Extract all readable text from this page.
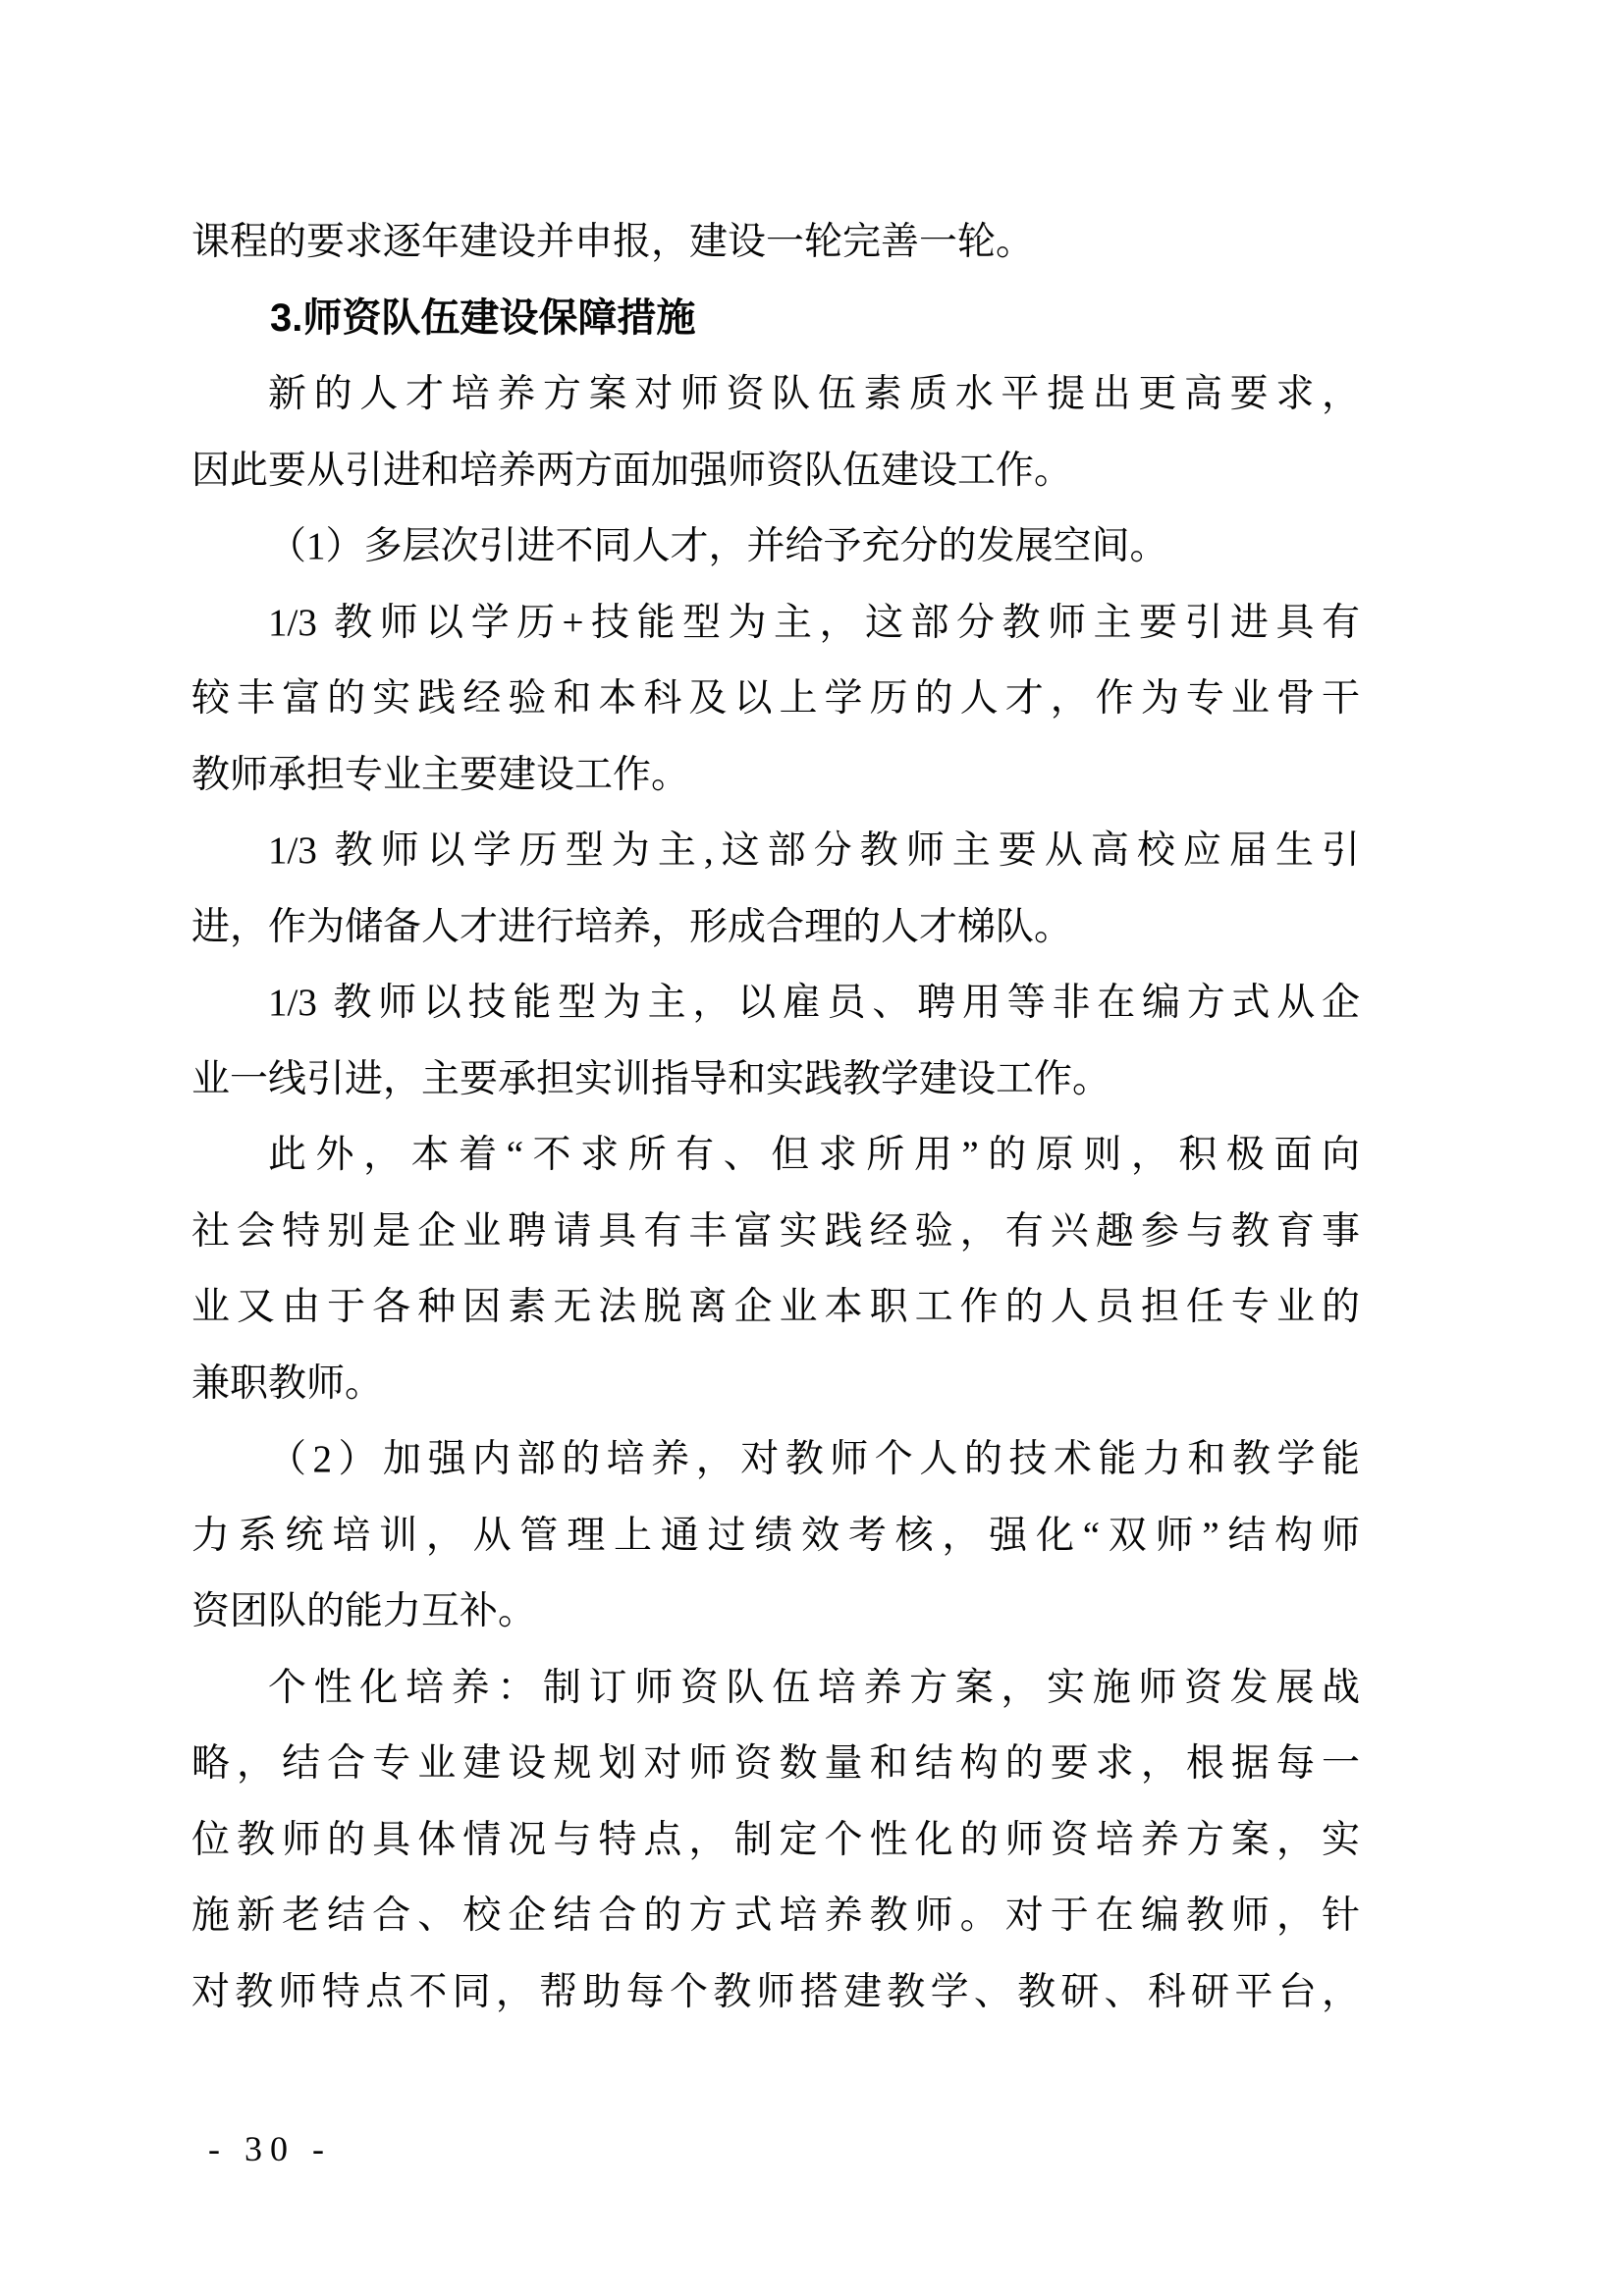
课程的要求逐年建设并申报，建设一轮完善一轮。
3.师资队伍建设保障措施
新的人才培养方案对师资队伍素质水平提出更高要求，
因此要从引进和培养两方面加强师资队伍建设工作。
（1）多层次引进不同人才，并给予充分的发展空间。
1/3 教师以学历+技能型为主，这部分教师主要引进具有
较丰富的实践经验和本科及以上学历的人才，作为专业骨干
教师承担专业主要建设工作。
1/3 教师以学历型为主,这部分教师主要从高校应届生引
进，作为储备人才进行培养，形成合理的人才梯队。
1/3 教师以技能型为主，以雇员、聘用等非在编方式从企
业一线引进，主要承担实训指导和实践教学建设工作。
此外，本着“不求所有、但求所用”的原则，积极面向
社会特别是企业聘请具有丰富实践经验，有兴趣参与教育事
业又由于各种因素无法脱离企业本职工作的人员担任专业的
兼职教师。
（2）加强内部的培养，对教师个人的技术能力和教学能
力系统培训，从管理上通过绩效考核，强化“双师”结构师
资团队的能力互补。
个性化培养：制订师资队伍培养方案，实施师资发展战
略，结合专业建设规划对师资数量和结构的要求，根据每一
位教师的具体情况与特点，制定个性化的师资培养方案，实
施新老结合、校企结合的方式培养教师。对于在编教师，针
对教师特点不同，帮助每个教师搭建教学、教研、科研平台，
- 30 -
